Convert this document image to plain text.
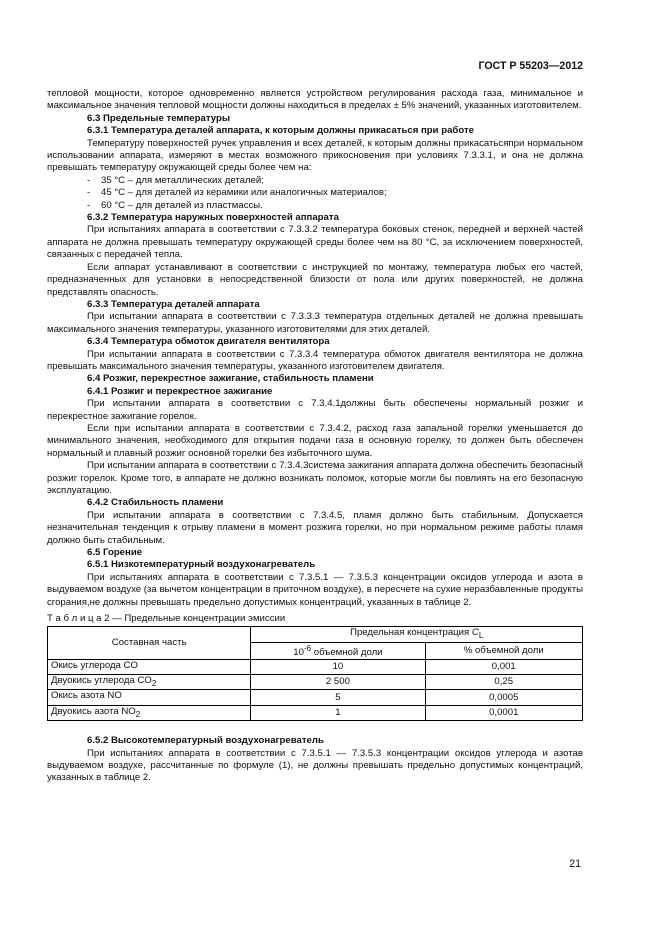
ГОСТ Р 55203—2012

тепловой мощности, которое одновременно является устройством регулирования расхода газа, минимальное и максимальное значения тепловой мощности должны находиться в пределах ± 5% значений, указанных изготовителем.

6.3 Предельные температуры

6.3.1 Температура деталей аппарата, к которым должны прикасаться при работе

Температуру поверхностей ручек управления и всех деталей, к которым должны прикасатьсяпри нормальном использовании аппарата, измеряют в местах возможного прикосновения при условиях 7.3.3.1, и она не должна превышать температуру окружающей среды более чем на:

- 35 °С – для металлических деталей;

- 45 °С – для деталей из керамики или аналогичных материалов;

- 60 °С – для деталей из пластмассы.

6.3.2 Температура наружных поверхностей аппарата

При испытаниях аппарата в соответствии с 7.3.3.2 температура боковых стенок, передней и верхней частей аппарата не должна превышать температуру окружающей среды более чем на 80 °С, за исключением поверхностей, связанных с передачей тепла.

Если аппарат устанавливают в соответствии с инструкцией по монтажу, температура любых его частей, предназначенных для установки в непосредственной близости от пола или других поверхностей, не должна представлять опасность.

6.3.3 Температура деталей аппарата

При испытании аппарата в соответствии с 7.3.3.3 температура отдельных деталей не должна превышать максимального значения температуры, указанного изготовителями для этих деталей.

6.3.4 Температура обмоток двигателя вентилятора

При испытании аппарата в соответствии с 7.3.3.4 температура обмоток двигателя вентилятора не должна превышать максимального значения температуры, указанного изготовителем двигателя.

6.4 Розжиг, перекрестное зажигание, стабильность пламени

6.4.1 Розжиг и перекрестное зажигание

При испытании аппарата в соответствии с 7.3.4.1должны быть обеспечены нормальный розжиг и перекрестное зажигание горелок.

Если при испытании аппарата в соответствии с 7.3.4.2, расход газа запальной горелки уменьшается до минимального значения, необходимого для открытия подачи газа в основную горелку, то должен быть обеспечен нормальный и плавный розжиг основной горелки без избыточного шума.

При испытании аппарата в соответствии с 7.3.4.3система зажигания аппарата должна обеспечить безопасный розжиг горелок. Кроме того, в аппарате не должно возникать поломок, которые могли бы повлиять на его безопасную эксплуатацию.

6.4.2 Стабильность пламени

При испытании аппарата в соответствии с 7.3.4.5, пламя должно быть стабильным. Допускается незначительная тенденция к отрыву пламени в момент розжига горелки, но при нормальном режиме работы пламя должно быть стабильным.

6.5 Горение

6.5.1 Низкотемпературный воздухонагреватель

При испытаниях аппарата в соответствии с 7.3.5.1 — 7.3.5.3 концентрации оксидов углерода и азота в выдуваемом воздухе (за вычетом концентрации в приточном воздухе), в пересчете на сухие неразбавленные продукты сгорания,не должны превышать предельно допустимых концентраций, указанных в таблице 2.

Т а б л и ц а 2 — Предельные концентрации эмиссии

Составная часть	Предельная концентрация $C_L$
	$10^{-6}$ объемной доли	% объемной доли
Окись углерода CO	10	0,001
Двуокись углерода $CO_2$	2 500	0,25
Окись азота NO	5	0,0005
Двуокись азота $NO_2$	1	0,0001

6.5.2 Высокотемпературный воздухонагреватель

При испытаниях аппарата в соответствии с 7.3.5.1 — 7.3.5.3 концентрации оксидов углерода и азотав выдуваемом воздухе, рассчитанные по формуле (1), не должны превышать предельно допустимых концентраций, указанных в таблице 2.

21
